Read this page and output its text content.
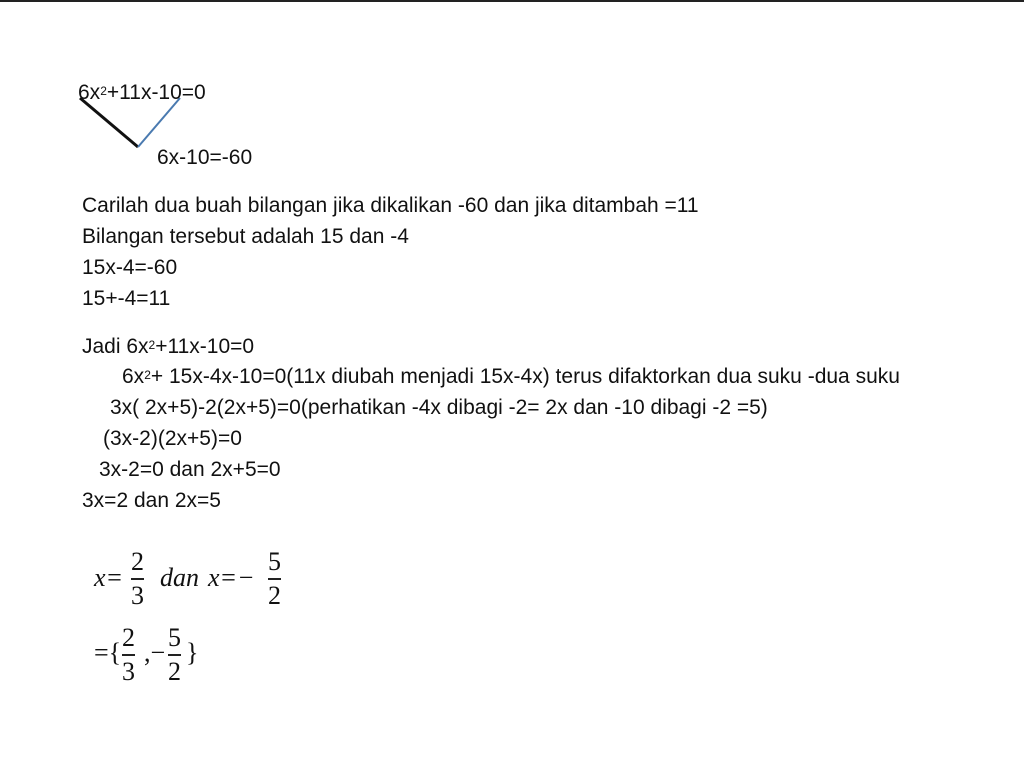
$6x^2+11x-10=0$
6x-10=-60
Carilah dua buah bilangan jika dikalikan -60 dan jika ditambah =11
Bilangan tersebut adalah 15 dan -4
15x-4=-60
15+-4=11
Jadi $6x^2+11x-10=0$
$6x^2+ 15x-4x-10=0(11x$ diubah menjadi 15x-4x) terus difaktorkan dua suku -dua suku
3x( 2x+5)-2(2x+5)=0(perhatikan -4x dibagi -2= 2x dan -10 dibagi -2 =5)
(3x-2)(2x+5)=0
3x-2=0 dan 2x+5=0
3x=2 dan 2x=5
x=
2
3
dan x=−
5
2
={
2
3
,−
5
2
}
